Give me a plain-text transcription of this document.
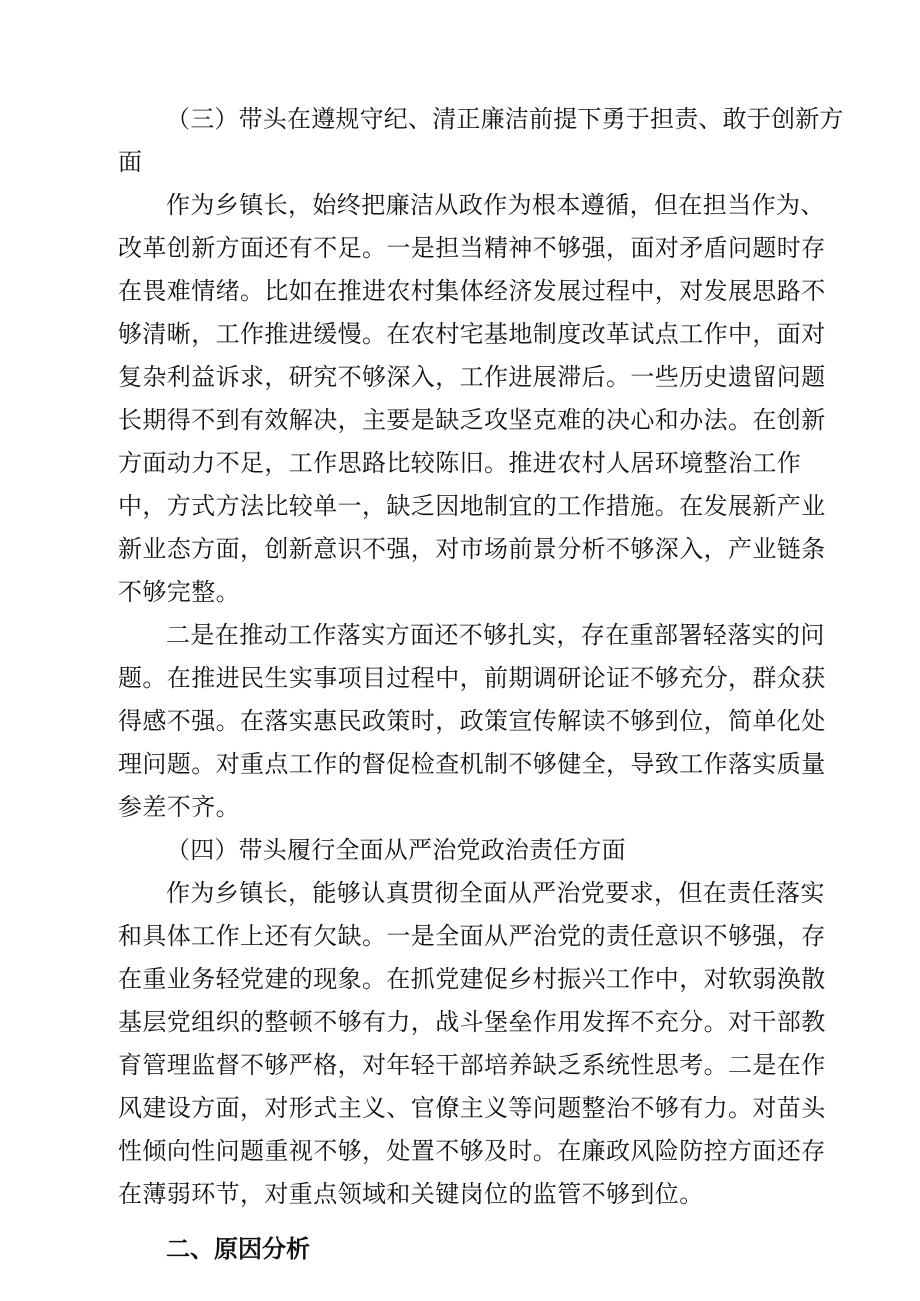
（三）带头在遵规守纪、清正廉洁前提下勇于担责、敢于创新方面

作为乡镇长，始终把廉洁从政作为根本遵循，但在担当作为、改革创新方面还有不足。一是担当精神不够强，面对矛盾问题时存在畏难情绪。比如在推进农村集体经济发展过程中，对发展思路不够清晰，工作推进缓慢。在农村宅基地制度改革试点工作中，面对复杂利益诉求，研究不够深入，工作进展滞后。一些历史遗留问题长期得不到有效解决，主要是缺乏攻坚克难的决心和办法。在创新方面动力不足，工作思路比较陈旧。推进农村人居环境整治工作中，方式方法比较单一，缺乏因地制宜的工作措施。在发展新产业新业态方面，创新意识不强，对市场前景分析不够深入，产业链条不够完整。

二是在推动工作落实方面还不够扎实，存在重部署轻落实的问题。在推进民生实事项目过程中，前期调研论证不够充分，群众获得感不强。在落实惠民政策时，政策宣传解读不够到位，简单化处理问题。对重点工作的督促检查机制不够健全，导致工作落实质量参差不齐。

（四）带头履行全面从严治党政治责任方面

作为乡镇长，能够认真贯彻全面从严治党要求，但在责任落实和具体工作上还有欠缺。一是全面从严治党的责任意识不够强，存在重业务轻党建的现象。在抓党建促乡村振兴工作中，对软弱涣散基层党组织的整顿不够有力，战斗堡垒作用发挥不充分。对干部教育管理监督不够严格，对年轻干部培养缺乏系统性思考。二是在作风建设方面，对形式主义、官僚主义等问题整治不够有力。对苗头性倾向性问题重视不够，处置不够及时。在廉政风险防控方面还存在薄弱环节，对重点领域和关键岗位的监管不够到位。

二、原因分析
